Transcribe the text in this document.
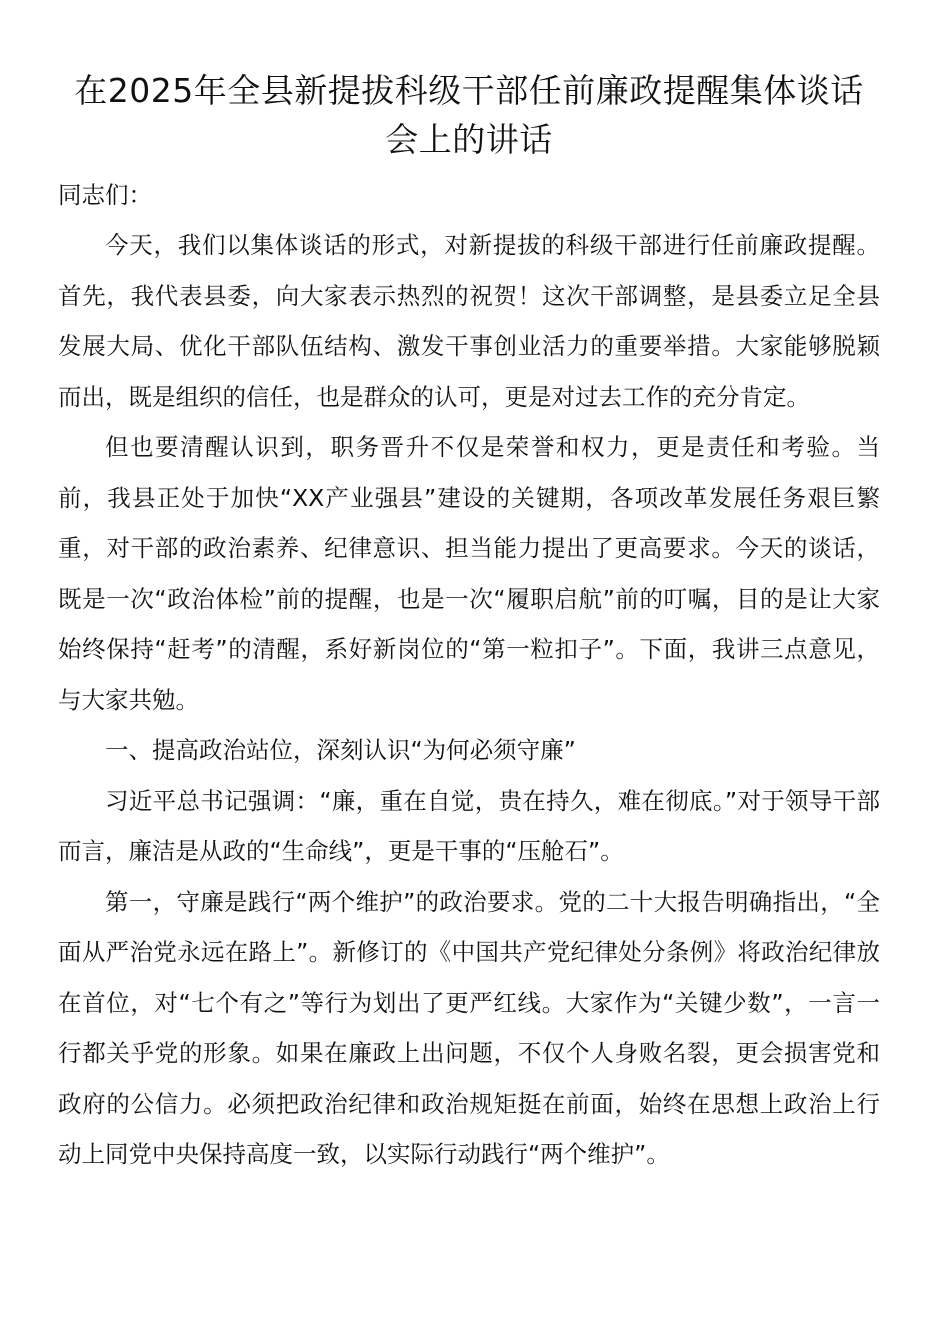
在2025年全县新提拔科级干部任前廉政提醒集体谈话会上的讲话

同志们：

今天，我们以集体谈话的形式，对新提拔的科级干部进行任前廉政提醒。首先，我代表县委，向大家表示热烈的祝贺！这次干部调整，是县委立足全县发展大局、优化干部队伍结构、激发干事创业活力的重要举措。大家能够脱颖而出，既是组织的信任，也是群众的认可，更是对过去工作的充分肯定。

但也要清醒认识到，职务晋升不仅是荣誉和权力，更是责任和考验。当前，我县正处于加快“XX产业强县”建设的关键期，各项改革发展任务艰巨繁重，对干部的政治素养、纪律意识、担当能力提出了更高要求。今天的谈话，既是一次“政治体检”前的提醒，也是一次“履职启航”前的叮嘱，目的是让大家始终保持“赶考”的清醒，系好新岗位的“第一粒扣子”。下面，我讲三点意见，与大家共勉。

一、提高政治站位，深刻认识“为何必须守廉”

习近平总书记强调：“廉，重在自觉，贵在持久，难在彻底。”对于领导干部而言，廉洁是从政的“生命线”，更是干事的“压舱石”。

第一，守廉是践行“两个维护”的政治要求。党的二十大报告明确指出，“全面从严治党永远在路上”。新修订的《中国共产党纪律处分条例》将政治纪律放在首位，对“七个有之”等行为划出了更严红线。大家作为“关键少数”，一言一行都关乎党的形象。如果在廉政上出问题，不仅个人身败名裂，更会损害党和政府的公信力。必须把政治纪律和政治规矩挺在前面，始终在思想上政治上行动上同党中央保持高度一致，以实际行动践行“两个维护”。
